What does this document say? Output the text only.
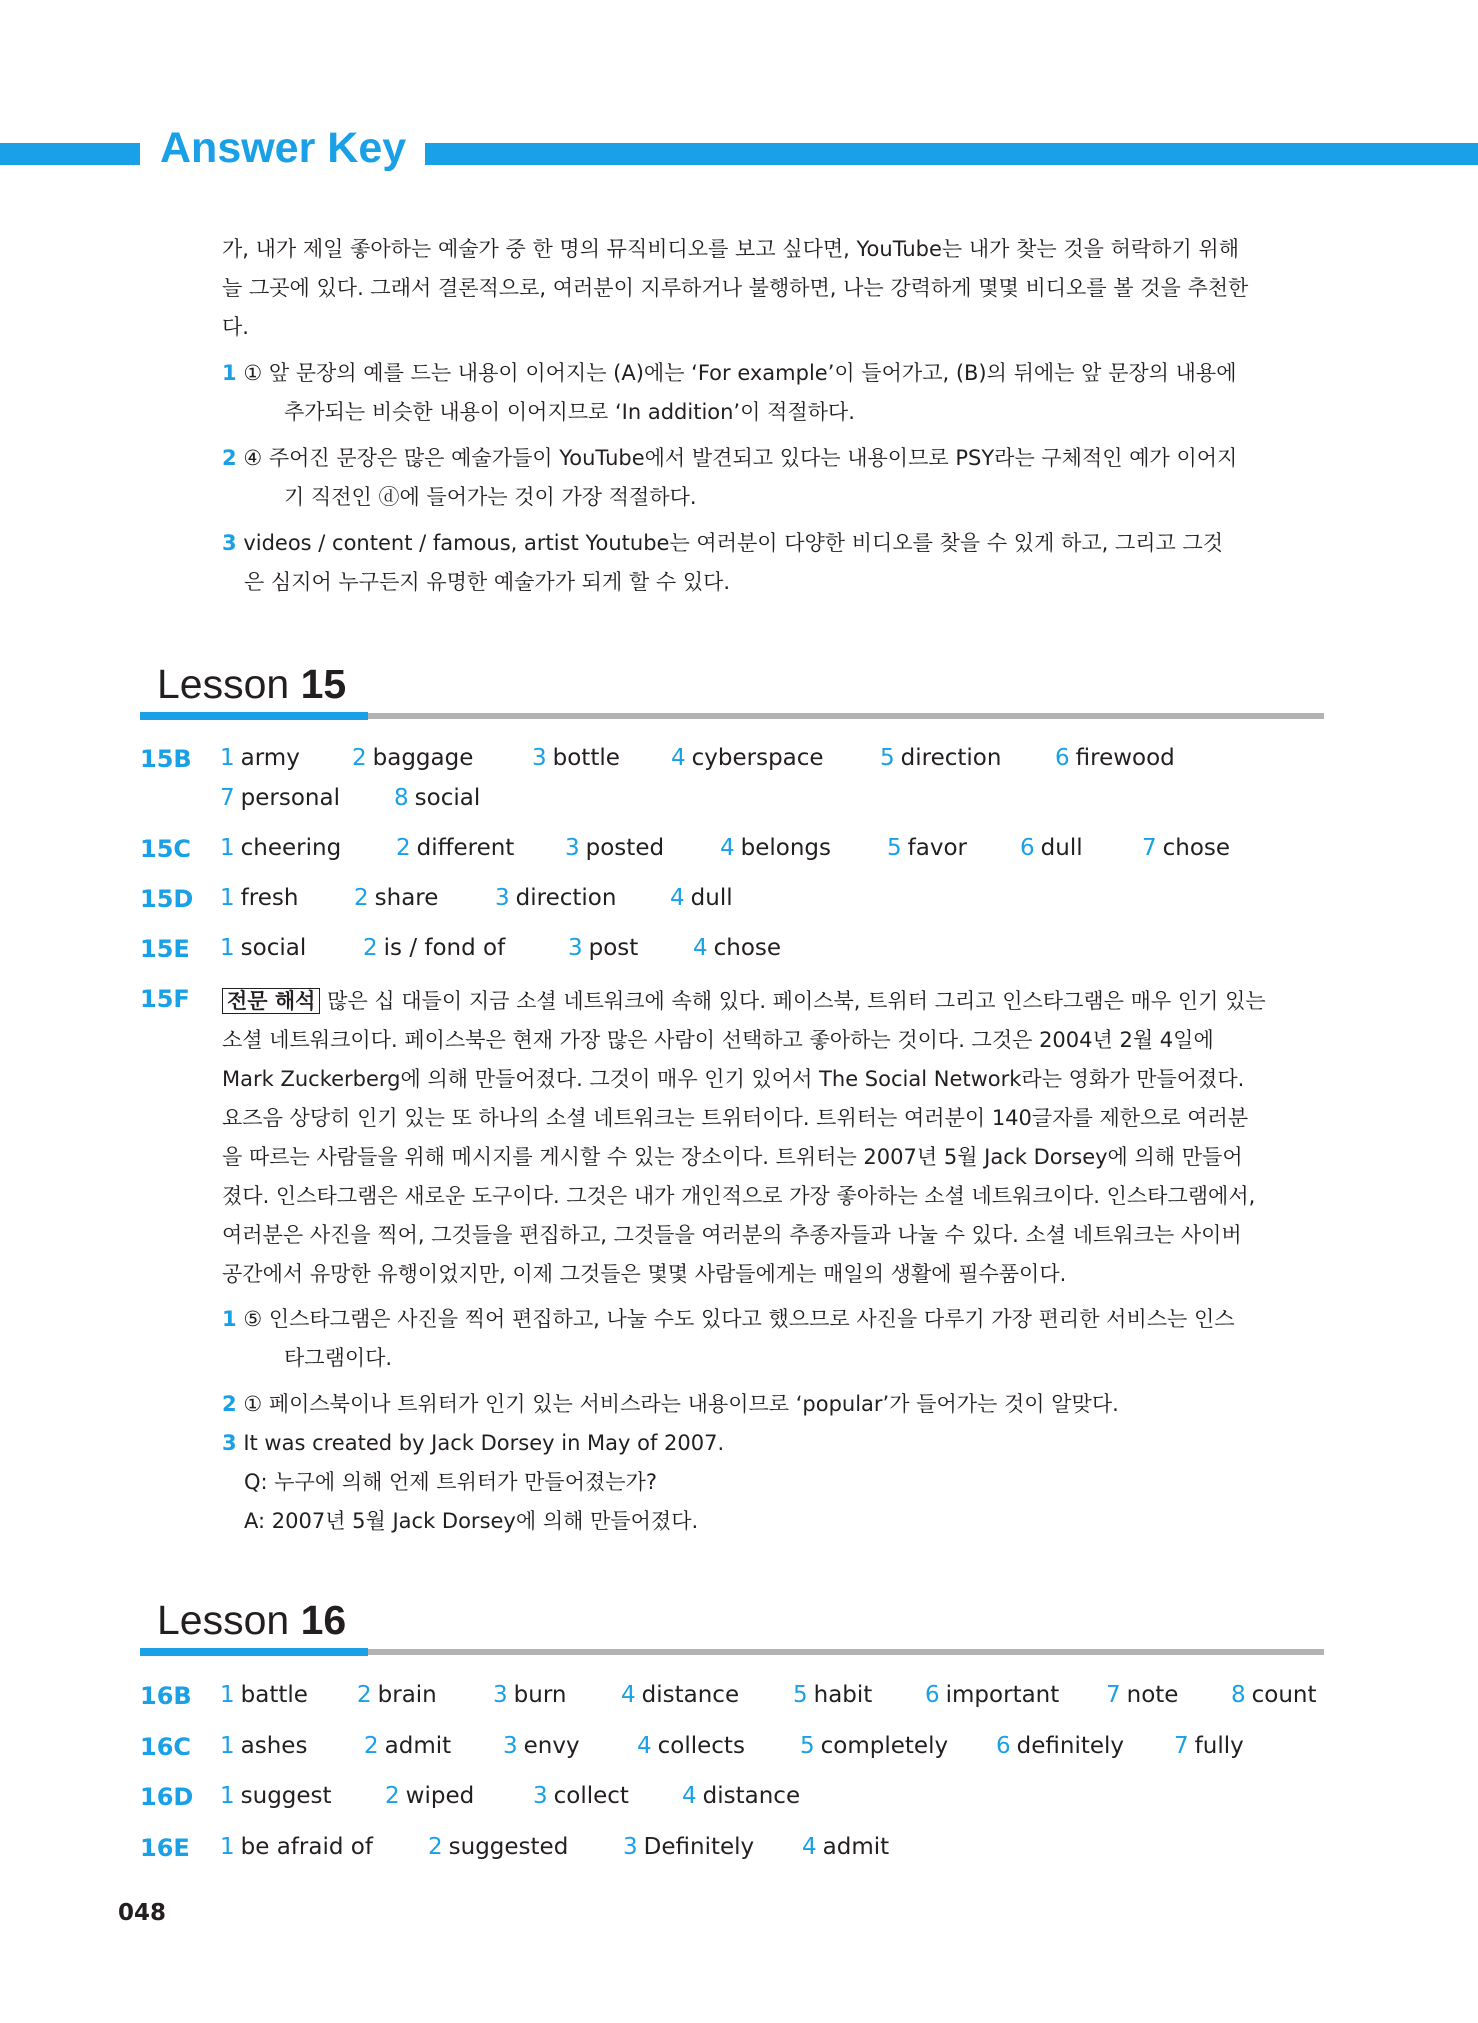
Answer Key
가, 내가 제일 좋아하는 예술가 중 한 명의 뮤직비디오를 보고 싶다면, YouTube는 내가 찾는 것을 허락하기 위해
늘 그곳에 있다. 그래서 결론적으로, 여러분이 지루하거나 불행하면, 나는 강력하게 몇몇 비디오를 볼 것을 추천한
다.
1 ① 앞 문장의 예를 드는 내용이 이어지는 (A)에는 ‘For example’이 들어가고, (B)의 뒤에는 앞 문장의 내용에
추가되는 비슷한 내용이 이어지므로 ‘In addition’이 적절하다.
2 ④ 주어진 문장은 많은 예술가들이 YouTube에서 발견되고 있다는 내용이므로 PSY라는 구체적인 예가 이어지
기 직전인 ⓓ에 들어가는 것이 가장 적절하다.
3 videos / content / famous, artist Youtube는 여러분이 다양한 비디오를 찾을 수 있게 하고, 그리고 그것
은 심지어 누구든지 유명한 예술가가 되게 할 수 있다.
Lesson 15
15B 1 army 2 baggage	3 bottle 4 cyberspace 5 direction 6 firewood
7 personal 8 social
15C 1 cheering 2 different 3 posted 4 belongs 5 favor 6 dull	7 chose
15D 1 fresh 2 share 3 direction 4 dull
15E 1 social 2 is / fond of	3 post 4 chose
15F 전문 해석 많은 십 대들이 지금 소셜 네트워크에 속해 있다. 페이스북, 트위터 그리고 인스타그램은 매우 인기 있는
소셜 네트워크이다. 페이스북은 현재 가장 많은 사람이 선택하고 좋아하는 것이다. 그것은 2004년 2월 4일에
Mark Zuckerberg에 의해 만들어졌다. 그것이 매우 인기 있어서 The Social Network라는 영화가 만들어졌다.
요즈음 상당히 인기 있는 또 하나의 소셜 네트워크는 트위터이다. 트위터는 여러분이 140글자를 제한으로 여러분
을 따르는 사람들을 위해 메시지를 게시할 수 있는 장소이다. 트위터는 2007년 5월 Jack Dorsey에 의해 만들어
졌다. 인스타그램은 새로운 도구이다. 그것은 내가 개인적으로 가장 좋아하는 소셜 네트워크이다. 인스타그램에서,
여러분은 사진을 찍어, 그것들을 편집하고, 그것들을 여러분의 추종자들과 나눌 수 있다. 소셜 네트워크는 사이버
공간에서 유망한 유행이었지만, 이제 그것들은 몇몇 사람들에게는 매일의 생활에 필수품이다.
1 ⑤ 인스타그램은 사진을 찍어 편집하고, 나눌 수도 있다고 했으므로 사진을 다루기 가장 편리한 서비스는 인스
타그램이다.
2 ① 페이스북이나 트위터가 인기 있는 서비스라는 내용이므로 ‘popular’가 들어가는 것이 알맞다.
3 It was created by Jack Dorsey in May of 2007.
Q: 누구에 의해 언제 트위터가 만들어졌는가?
A: 2007년 5월 Jack Dorsey에 의해 만들어졌다.
Lesson 16
16B 1 battle 2 brain 3 burn 4 distance 5 habit 6 important 7 note 8 count
16C 1 ashes 2 admit 3 envy 4 collects 5 completely 6 definitely 7 fully
16D 1 suggest 2 wiped	3 collect 4 distance
16E 1 be afraid of 2 suggested 3 Definitely 4 admit
048
